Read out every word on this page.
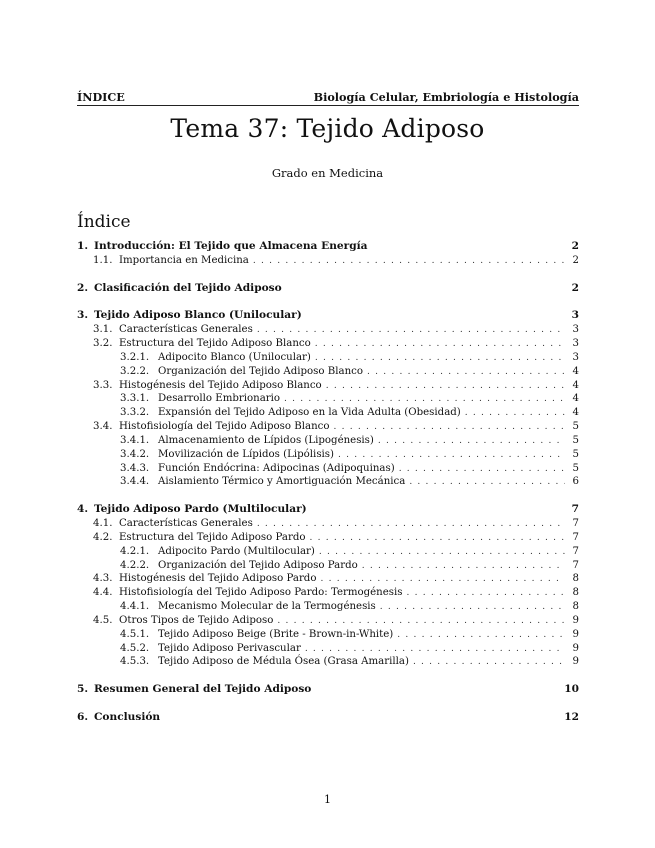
ÍNDICE	Biología Celular, Embriología e Histología
Tema 37: Tejido Adiposo
Grado en Medicina
Índice
1. Introducción: El Tejido que Almacena Energía	2
1.1. Importancia en Medicina . . .	2
2. Clasificación del Tejido Adiposo	2
3. Tejido Adiposo Blanco (Unilocular)	3
3.1. Características Generales . . .	3
3.2. Estructura del Tejido Adiposo Blanco . . .	3
3.2.1. Adipocito Blanco (Unilocular) . . .	3
3.2.2. Organización del Tejido Adiposo Blanco . . .	4
3.3. Histogénesis del Tejido Adiposo Blanco . . .	4
3.3.1. Desarrollo Embrionario . . .	4
3.3.2. Expansión del Tejido Adiposo en la Vida Adulta (Obesidad) . . .	4
3.4. Histofisiología del Tejido Adiposo Blanco . . .	5
3.4.1. Almacenamiento de Lípidos (Lipogénesis) . . .	5
3.4.2. Movilización de Lípidos (Lipólisis) . . .	5
3.4.3. Función Endócrina: Adipocinas (Adipoquinas) . . .	5
3.4.4. Aislamiento Térmico y Amortiguación Mecánica . . .	6
4. Tejido Adiposo Pardo (Multilocular)	7
4.1. Características Generales . . .	7
4.2. Estructura del Tejido Adiposo Pardo . . .	7
4.2.1. Adipocito Pardo (Multilocular) . . .	7
4.2.2. Organización del Tejido Adiposo Pardo . . .	7
4.3. Histogénesis del Tejido Adiposo Pardo . . .	8
4.4. Histofisiología del Tejido Adiposo Pardo: Termogénesis . . .	8
4.4.1. Mecanismo Molecular de la Termogénesis . . .	8
4.5. Otros Tipos de Tejido Adiposo . . .	9
4.5.1. Tejido Adiposo Beige (Brite - Brown-in-White) . . .	9
4.5.2. Tejido Adiposo Perivascular . . .	9
4.5.3. Tejido Adiposo de Médula Ósea (Grasa Amarilla) . . .	9
5. Resumen General del Tejido Adiposo	10
6. Conclusión	12
1
